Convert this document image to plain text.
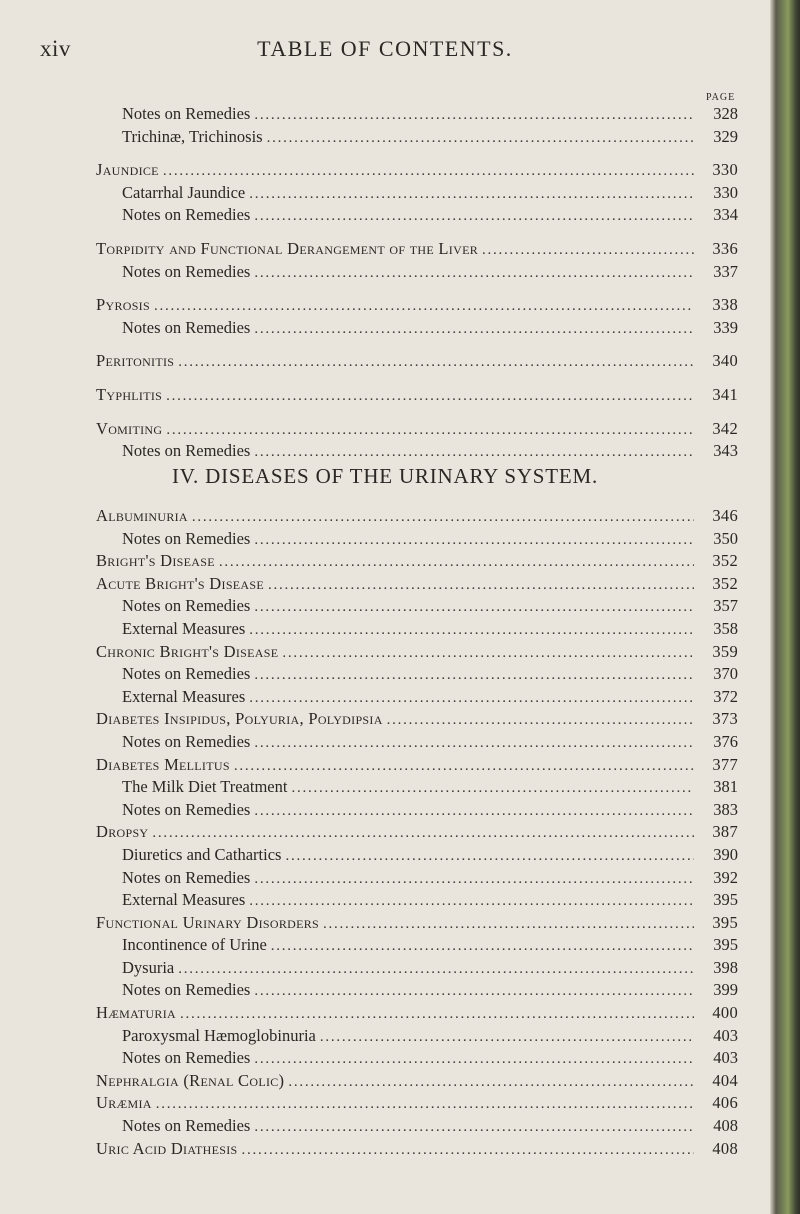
xiv	TABLE OF CONTENTS.
PAGE
Notes on Remedies . . .	328
Trichinæ, Trichinosis . . .	329
Jaundice . . .	330
Catarrhal Jaundice . . .	330
Notes on Remedies . . .	334
Torpidity and Functional Derangement of the Liver . . .	336
Notes on Remedies . . .	337
Pyrosis . . .	338
Notes on Remedies . . .	339
Peritonitis . . .	340
Typhlitis . . .	341
Vomiting . . .	342
Notes on Remedies . . .	343
IV. DISEASES OF THE URINARY SYSTEM.
Albuminuria . . .	346
Notes on Remedies . . .	350
Bright's Disease . . .	352
Acute Bright's Disease . . .	352
Notes on Remedies . . .	357
External Measures . . .	358
Chronic Bright's Disease . . .	359
Notes on Remedies . . .	370
External Measures . . .	372
Diabetes Insipidus, Polyuria, Polydipsia . . .	373
Notes on Remedies . . .	376
Diabetes Mellitus . . .	377
The Milk Diet Treatment . . .	381
Notes on Remedies . . .	383
Dropsy . . .	387
Diuretics and Cathartics . . .	390
Notes on Remedies . . .	392
External Measures . . .	395
Functional Urinary Disorders . . .	395
Incontinence of Urine . . .	395
Dysuria . . .	398
Notes on Remedies . . .	399
Hæmaturia . . .	400
Paroxysmal Hæmoglobinuria . . .	403
Notes on Remedies . . .	403
Nephralgia (Renal Colic) . . .	404
Uræmia . . .	406
Notes on Remedies . . .	408
Uric Acid Diathesis . . .	408
